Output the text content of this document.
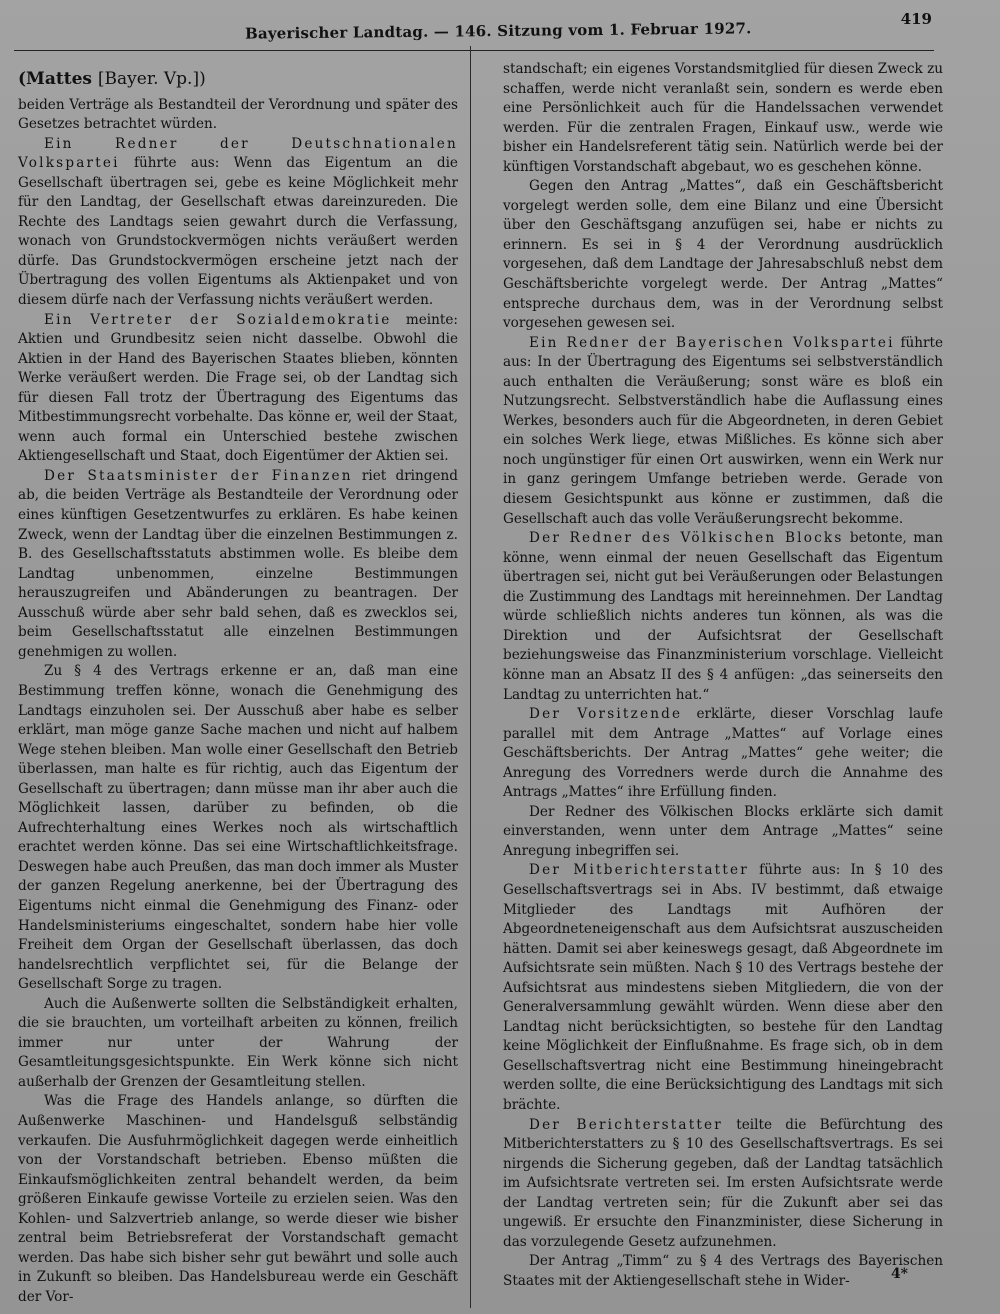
Bayerischer Landtag. — 146. Sitzung vom 1. Februar 1927.
419
(Mattes [Bayer. Vp.])

beiden Verträge als Bestandteil der Verordnung und später des Gesetzes betrachtet würden.

Ein Redner der Deutschnationalen Volkspartei führte aus: Wenn das Eigentum an die Gesellschaft übertragen sei, gebe es keine Möglichkeit mehr für den Landtag, der Gesellschaft etwas dareinzureden. Die Rechte des Landtags seien gewahrt durch die Verfassung, wonach von Grundstockvermögen nichts veräußert werden dürfe. Das Grundstockvermögen erscheine jetzt nach der Übertragung des vollen Eigentums als Aktienpaket und von diesem dürfe nach der Verfassung nichts veräußert werden.

Ein Vertreter der Sozialdemokratie meinte: Aktien und Grundbesitz seien nicht dasselbe. Obwohl die Aktien in der Hand des Bayerischen Staates blieben, könnten Werke veräußert werden. Die Frage sei, ob der Landtag sich für diesen Fall trotz der Übertragung des Eigentums das Mitbestimmungsrecht vorbehalte. Das könne er, weil der Staat, wenn auch formal ein Unterschied bestehe zwischen Aktiengesellschaft und Staat, doch Eigentümer der Aktien sei.

Der Staatsminister der Finanzen riet dringend ab, die beiden Verträge als Bestandteile der Verordnung oder eines künftigen Gesetzentwurfes zu erklären. Es habe keinen Zweck, wenn der Landtag über die einzelnen Bestimmungen z. B. des Gesellschaftsstatuts abstimmen wolle. Es bleibe dem Landtag unbenommen, einzelne Bestimmungen herauszugreifen und Abänderungen zu beantragen. Der Ausschuß würde aber sehr bald sehen, daß es zwecklos sei, beim Gesellschaftsstatut alle einzelnen Bestimmungen genehmigen zu wollen.

Zu § 4 des Vertrags erkenne er an, daß man eine Bestimmung treffen könne, wonach die Genehmigung des Landtags einzuholen sei. Der Ausschuß aber habe es selber erklärt, man möge ganze Sache machen und nicht auf halbem Wege stehen bleiben. Man wolle einer Gesellschaft den Betrieb überlassen, man halte es für richtig, auch das Eigentum der Gesellschaft zu übertragen; dann müsse man ihr aber auch die Möglichkeit lassen, darüber zu befinden, ob die Aufrechterhaltung eines Werkes noch als wirtschaftlich erachtet werden könne. Das sei eine Wirtschaftlichkeitsfrage. Deswegen habe auch Preußen, das man doch immer als Muster der ganzen Regelung anerkenne, bei der Übertragung des Eigentums nicht einmal die Genehmigung des Finanz- oder Handelsministeriums eingeschaltet, sondern habe hier volle Freiheit dem Organ der Gesellschaft überlassen, das doch handelsrechtlich verpflichtet sei, für die Belange der Gesellschaft Sorge zu tragen.

Auch die Außenwerte sollten die Selbständigkeit erhalten, die sie brauchten, um vorteilhaft arbeiten zu können, freilich immer nur unter der Wahrung der Gesamtleitungsgesichtspunkte. Ein Werk könne sich nicht außerhalb der Grenzen der Gesamtleitung stellen.

Was die Frage des Handels anlange, so dürften die Außenwerke Maschinen- und Handelsguß selbständig verkaufen. Die Ausfuhrmöglichkeit dagegen werde einheitlich von der Vorstandschaft betrieben. Ebenso müßten die Einkaufsmöglichkeiten zentral behandelt werden, da beim größeren Einkaufe gewisse Vorteile zu erzielen seien. Was den Kohlen- und Salzvertrieb anlange, so werde dieser wie bisher zentral beim Betriebsreferat der Vorstandschaft gemacht werden. Das habe sich bisher sehr gut bewährt und solle auch in Zukunft so bleiben. Das Handelsbureau werde ein Geschäft der Vor-

standschaft; ein eigenes Vorstandsmitglied für diesen Zweck zu schaffen, werde nicht veranlaßt sein, sondern es werde eben eine Persönlichkeit auch für die Handelssachen verwendet werden. Für die zentralen Fragen, Einkauf usw., werde wie bisher ein Handelsreferent tätig sein. Natürlich werde bei der künftigen Vorstandschaft abgebaut, wo es geschehen könne.

Gegen den Antrag „Mattes“, daß ein Geschäftsbericht vorgelegt werden solle, dem eine Bilanz und eine Übersicht über den Geschäftsgang anzufügen sei, habe er nichts zu erinnern. Es sei in § 4 der Verordnung ausdrücklich vorgesehen, daß dem Landtage der Jahresabschluß nebst dem Geschäftsberichte vorgelegt werde. Der Antrag „Mattes“ entspreche durchaus dem, was in der Verordnung selbst vorgesehen gewesen sei.

Ein Redner der Bayerischen Volkspartei führte aus: In der Übertragung des Eigentums sei selbstverständlich auch enthalten die Veräußerung; sonst wäre es bloß ein Nutzungsrecht. Selbstverständlich habe die Auflassung eines Werkes, besonders auch für die Abgeordneten, in deren Gebiet ein solches Werk liege, etwas Mißliches. Es könne sich aber noch ungünstiger für einen Ort auswirken, wenn ein Werk nur in ganz geringem Umfange betrieben werde. Gerade von diesem Gesichtspunkt aus könne er zustimmen, daß die Gesellschaft auch das volle Veräußerungsrecht bekomme.

Der Redner des Völkischen Blocks betonte, man könne, wenn einmal der neuen Gesellschaft das Eigentum übertragen sei, nicht gut bei Veräußerungen oder Belastungen die Zustimmung des Landtags mit hereinnehmen. Der Landtag würde schließlich nichts anderes tun können, als was die Direktion und der Aufsichtsrat der Gesellschaft beziehungsweise das Finanzministerium vorschlage. Vielleicht könne man an Absatz II des § 4 anfügen: „das seinerseits den Landtag zu unterrichten hat.“

Der Vorsitzende erklärte, dieser Vorschlag laufe parallel mit dem Antrage „Mattes“ auf Vorlage eines Geschäftsberichts. Der Antrag „Mattes“ gehe weiter; die Anregung des Vorredners werde durch die Annahme des Antrags „Mattes“ ihre Erfüllung finden.

Der Redner des Völkischen Blocks erklärte sich damit einverstanden, wenn unter dem Antrage „Mattes“ seine Anregung inbegriffen sei.

Der Mitberichterstatter führte aus: In § 10 des Gesellschaftsvertrags sei in Abs. IV bestimmt, daß etwaige Mitglieder des Landtags mit Aufhören der Abgeordneteneigenschaft aus dem Aufsichtsrat auszuscheiden hätten. Damit sei aber keineswegs gesagt, daß Abgeordnete im Aufsichtsrate sein müßten. Nach § 10 des Vertrags bestehe der Aufsichtsrat aus mindestens sieben Mitgliedern, die von der Generalversammlung gewählt würden. Wenn diese aber den Landtag nicht berücksichtigten, so bestehe für den Landtag keine Möglichkeit der Einflußnahme. Es frage sich, ob in dem Gesellschaftsvertrag nicht eine Bestimmung hineingebracht werden sollte, die eine Berücksichtigung des Landtags mit sich brächte.

Der Berichterstatter teilte die Befürchtung des Mitberichterstatters zu § 10 des Gesellschaftsvertrags. Es sei nirgends die Sicherung gegeben, daß der Landtag tatsächlich im Aufsichtsrate vertreten sei. Im ersten Aufsichtsrate werde der Landtag vertreten sein; für die Zukunft aber sei das ungewiß. Er ersuchte den Finanzminister, diese Sicherung in das vorzulegende Gesetz aufzunehmen.

Der Antrag „Timm“ zu § 4 des Vertrags des Bayerischen Staates mit der Aktiengesellschaft stehe in Wider-	4*
